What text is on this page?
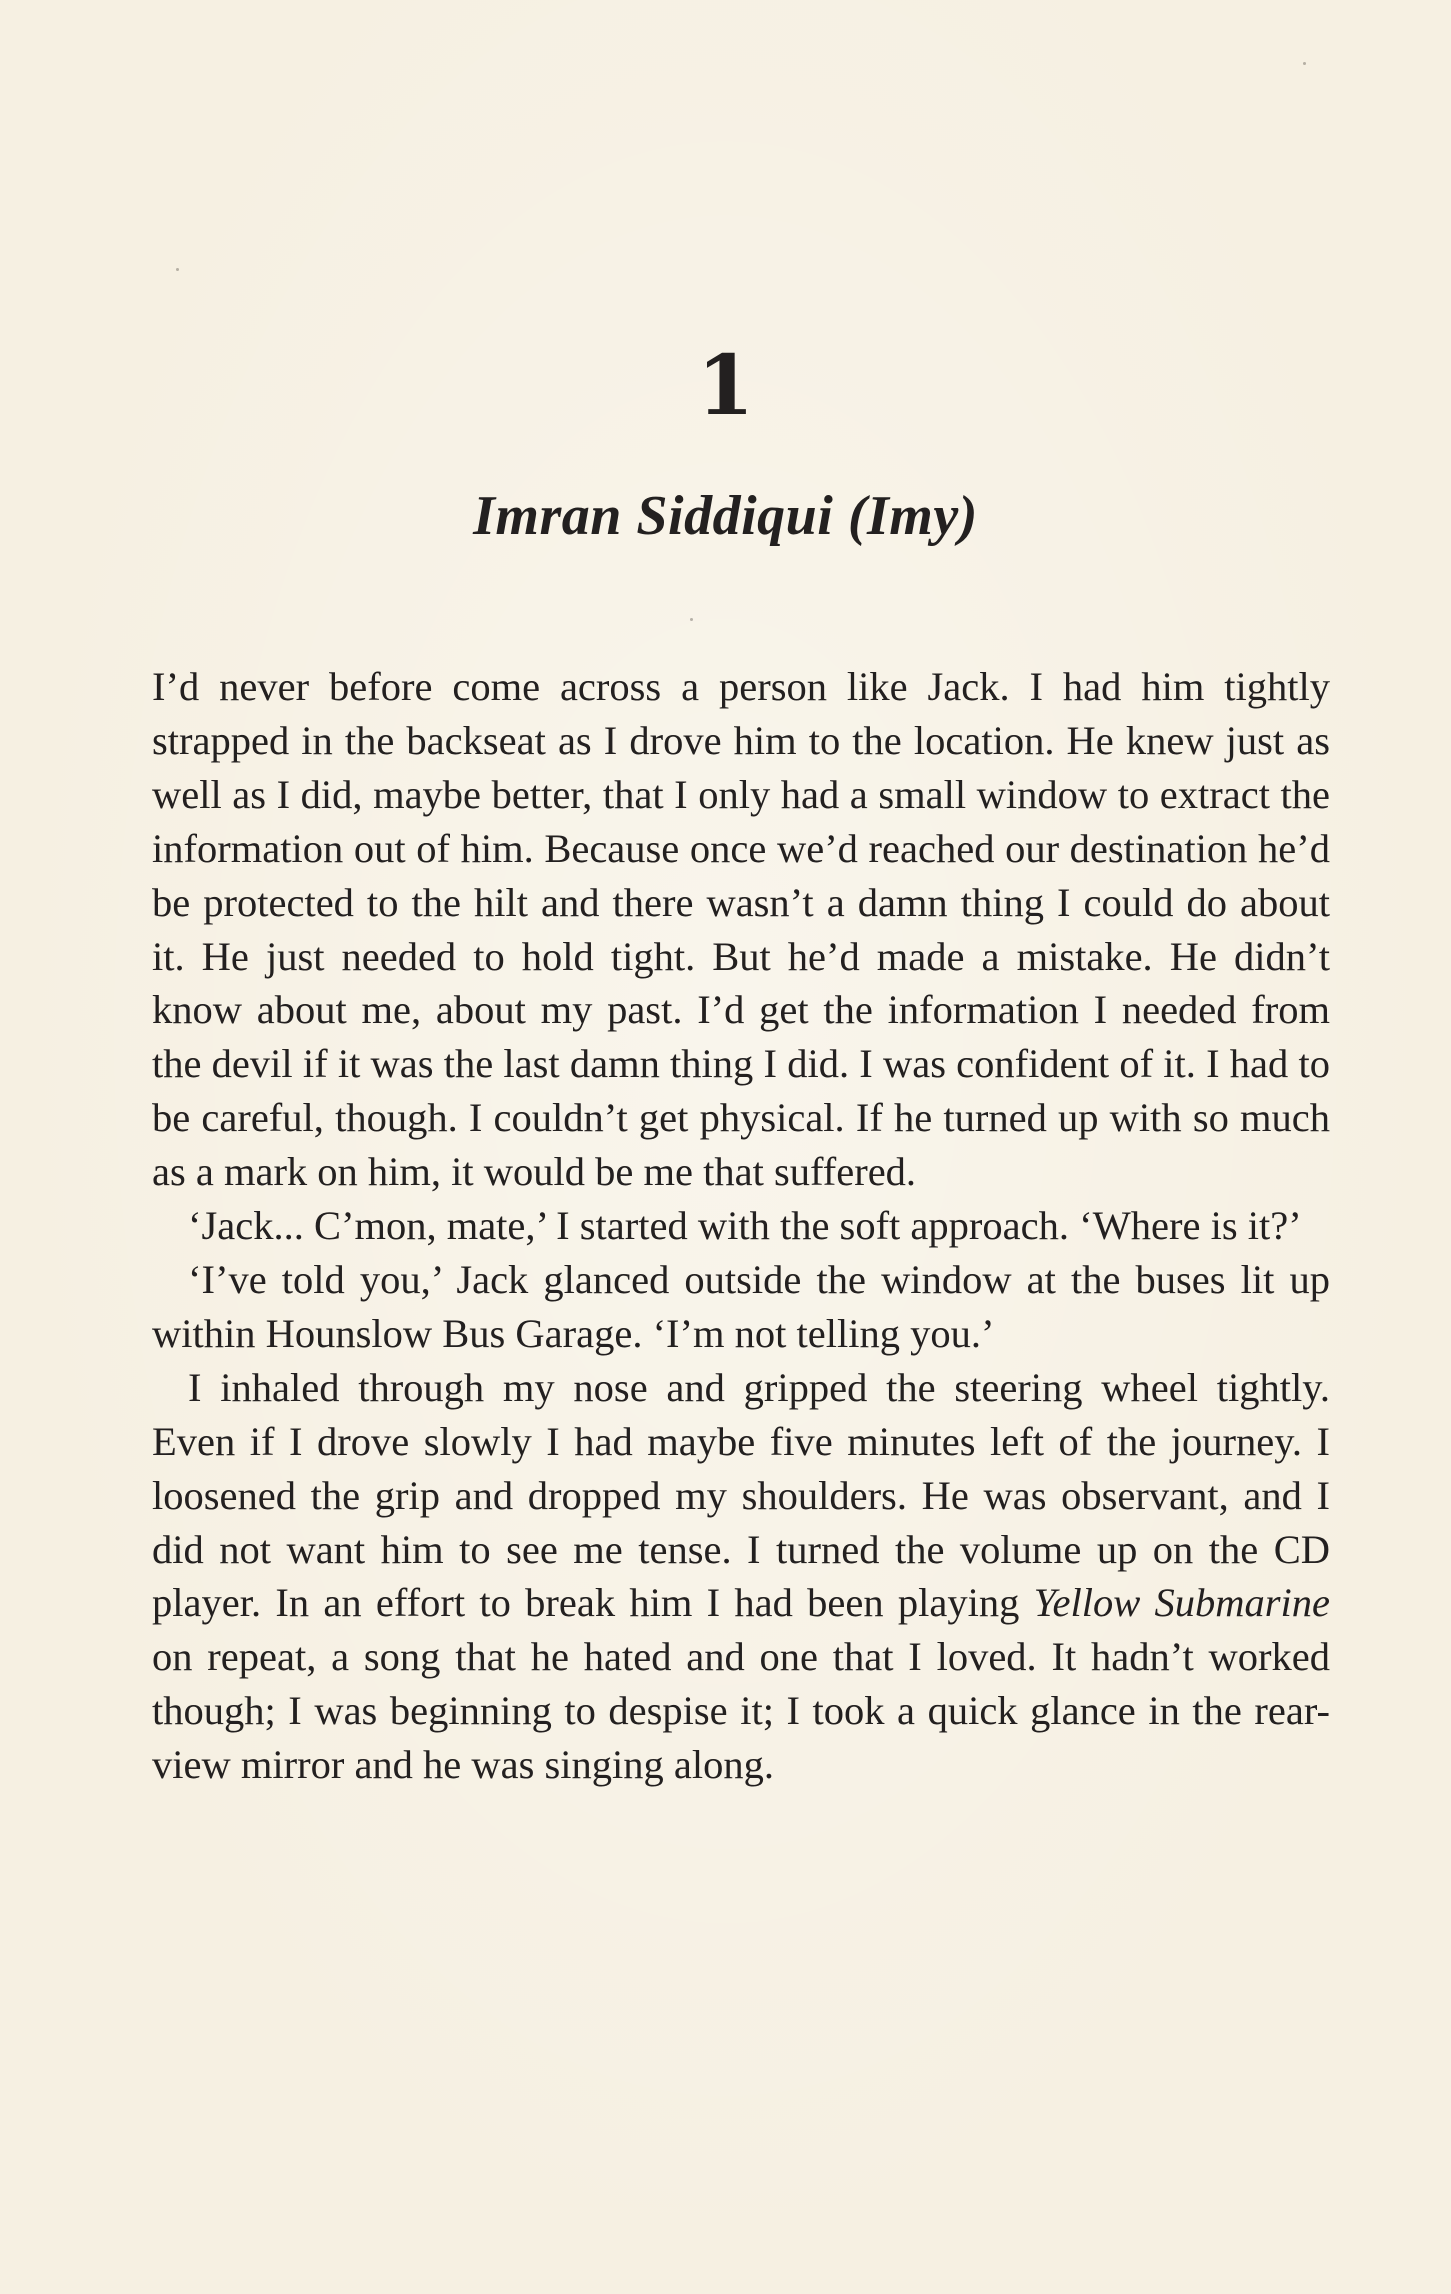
1
Imran Siddiqui (Imy)

I’d never before come across a person like Jack. I had him tightly strapped in the backseat as I drove him to the location. He knew just as well as I did, maybe better, that I only had a small window to extract the information out of him. Because once we’d reached our destination he’d be protected to the hilt and there wasn’t a damn thing I could do about it. He just needed to hold tight. But he’d made a mistake. He didn’t know about me, about my past. I’d get the information I needed from the devil if it was the last damn thing I did. I was confident of it. I had to be careful, though. I couldn’t get physical. If he turned up with so much as a mark on him, it would be me that suffered.

‘Jack... C’mon, mate,’ I started with the soft approach. ‘Where is it?’

‘I’ve told you,’ Jack glanced outside the window at the buses lit up within Hounslow Bus Garage. ‘I’m not telling you.’

I inhaled through my nose and gripped the steering wheel tightly. Even if I drove slowly I had maybe five minutes left of the journey. I loosened the grip and dropped my shoulders. He was observant, and I did not want him to see me tense. I turned the volume up on the CD player. In an effort to break him I had been playing Yellow Submarine on repeat, a song that he hated and one that I loved. It hadn’t worked though; I was beginning to despise it; I took a quick glance in the rear-view mirror and he was singing along.
